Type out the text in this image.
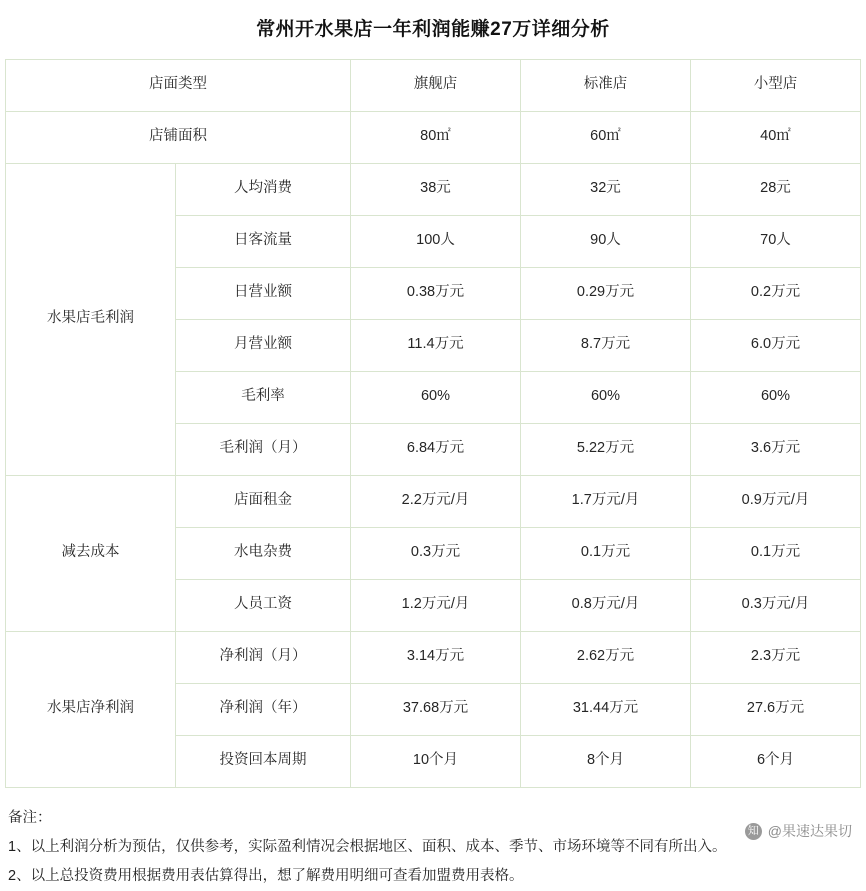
常州开水果店一年利润能赚27万详细分析
店面类型		旗舰店	标准店	小型店
店铺面积		80㎡	60㎡	40㎡
水果店毛利润	人均消费	38元	32元	28元
	日客流量	100人	90人	70人
	日营业额	0.38万元	0.29万元	0.2万元
	月营业额	11.4万元	8.7万元	6.0万元
	毛利率	60%	60%	60%
	毛利润（月）	6.84万元	5.22万元	3.6万元
减去成本	店面租金	2.2万元/月	1.7万元/月	0.9万元/月
	水电杂费	0.3万元	0.1万元	0.1万元
	人员工资	1.2万元/月	0.8万元/月	0.3万元/月
水果店净利润	净利润（月）	3.14万元	2.62万元	2.3万元
	净利润（年）	37.68万元	31.44万元	27.6万元
	投资回本周期	10个月	8个月	6个月
备注：
1、以上利润分析为预估，仅供参考，实际盈利情况会根据地区、面积、成本、季节、市场环境等不同有所出入。
2、以上总投资费用根据费用表估算得出，想了解费用明细可查看加盟费用表格。
知 @果速达果切
